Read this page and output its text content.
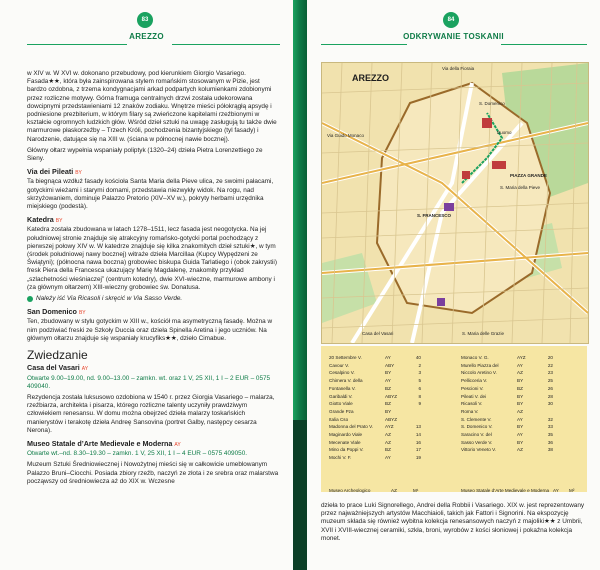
83
AREZZO

w XIV w. W XVI w. dokonano przebudowy, pod kierunkiem Giorgio Vasariego. Fasada★★, która była zainspirowana stylem romańskim stosowanym w Pizie, jest bardzo ozdobna, z trzema kondygnacjami arkad podpartych kolumienkami zdobionymi przez rozliczne motywy. Górna framuga centralnych drzwi została udekorowana dowcipnymi przedstawieniami 12 znaków zodiaku. Wnętrze mieści półokrągłą apsydę i podniesione prezbiterium, w którym filary są zwieńczone kapitelami rzeźbionymi w kształcie ogromnych ludzkich głów. Wśród dzieł sztuki na uwagę zasługują tu także dwie marmurowe płaskorzeźby – Trzech Króli, pochodzenia bizantyjskiego (tyl fasady) i Narodzenie, datujące się na XIII w. (ściana w północnej nawie bocznej).

Główny ołtarz wypełnia wspaniały poliptyk (1320–24) dzieła Pietra Lorenzettiego ze Sieny.

Via dei Pileati BY

Ta biegnąca wzdłuż fasady kościoła Santa Maria della Pieve ulica, ze swoimi pałacami, gotyckimi wieżami i starymi domami, przedstawia niezwykły widok. Na rogu, nad skrzyżowaniem, dominuje Palazzo Pretorio (XIV–XV w.), pokryty herbami urzędnika miejskiego (podestà).

Katedra BY

Katedra została zbudowana w latach 1278–1511, lecz fasada jest neogotycka. Na jej południowej stronie znajduje się atrakcyjny romańsko-gotycki portal pochodzący z pierwszej połowy XIV w. W katedrze znajduje się kilka znakomitych dzieł sztuki★, w tym (środek południowej nawy bocznej) witraże dzieła Marcillaa (Kupcy Wypędzeni ze Świątyni); (północna nawa boczna) grobowiec biskupa Guida Tarlatiego i (obok zakrystii) fresk Piera della Francesca ukazujący Marię Magdalenę, znakomity przykład „szlachetności wieśniaczej” (centrum kotedry), dwie XVI-wieczne, marmurowe ambony i (za głównym ołtarzem) XIII-wieczny grobowiec św. Donatusa.

Należy iść Via Ricasoli i skręcić w Via Sasso Verde.
San Domenico BY

Ten, zbudowany w stylu gotyckim w XIII w., kościół ma asymetryczną fasadę. Można w nim podziwiać freski ze Szkoły Duccia oraz dzieła Spinella Aretina i jego uczniów. Na głównym ołtarzu znajduje się wspaniały krucyfiks★★, dzieło Cimabue.

Zwiedzanie
Casa del Vasari AY

Otwarte 9.00–19.00, nd. 9.00–13.00 – zamkn. wt. oraz 1 V, 25 XII, 1 I – 2 EUR – 0575 409040.

Rezydencja została luksusowo ozdobiona w 1540 r. przez Giorgia Vasariego – malarza, rzeźbiarza, architekta i pisarza, którego rozliczne talenty uczyniły prawdziwym człowiekiem renesansu. W domu można obejrzeć dzieła malarzy toskańskich manierystów i terakotę dzieła Andreę Sansovina (portret Galby, następcy cesarza Nerona).

Museo Statale d’Arte Medievale e Moderna AY

Otwarte wt.–nd. 8.30–19.30 – zamkn. 1 V, 25 XII, 1 I – 4 EUR – 0575 409050.

Muzeum Sztuki Średniowiecznej i Nowożytnej mieści się w całkowicie umeblowanym Palazzo Bruni–Ciocchi. Posiada zbiory rzeźb, naczyń ze złota i ze srebra oraz malarstwa począwszy od średniowiecza aż do XIX w. Wczesne

84
ODKRYWANIE TOSKANII
AREZZO
S. Domenico
Duomo
PIAZZA GRANDE
S. Maria della Pieve
S. FRANCESCO
Casa del Vasari	S. Maria delle Grazie
Via della Fioraia
Via Guido Monaco
20 Settembre V.	AY	40
Cavour V.	ABY	2
Cesalpino V.	BY	3
Chimera V. della	AY	5
Fontanella V.	BZ	6
Garibaldi V.	ABYZ	8
Giotto Viale	BZ	9
Grande Pza	BY
Italia Cso	ABYZ
Madonna del Prato V.	AYZ	13
Maginardo Viale	AZ	14
Mecenate Viale	AZ	16
Mino da Poppi V.	BZ	17
Mochi V. F.	AY	19
Monaco V. G.	AYZ	20
Murello Piazza del	AY	22
Niccolo Aretino V.	AZ	23
Pellicceria V.	BY	25
Pescioni V.	BZ	26
Pileati V. dei	BY	28
Ricasoli V.	BY	30
Roma V.	AZ
S. Clemente V.	AY	32
S. Domenico V.	BY	33
Saracino V. del	AY	35
Sasso Verde V.	BY	36
Vittorio Veneto V.	AZ	38
Museo Archeologico	AZ	M¹	Museo Statale d’Arte Medievale e Moderna AY M²

dzieła to prace Luki Signorellego, Andrei della Robbii i Vasariego. XIX w. jest reprezentowany przez najważniejszych artystów Macchiaioli, takich jak Fattori i Signorini. Na ekspozycję muzeum składa się również wybitna kolekcja renesansowych naczyń z majoliki★★ z Umbrii, XVII i XVIII-wiecznej ceramiki, szkła, broni, wyrobów z kości słoniowej i pokaźna kolekcja monet.
